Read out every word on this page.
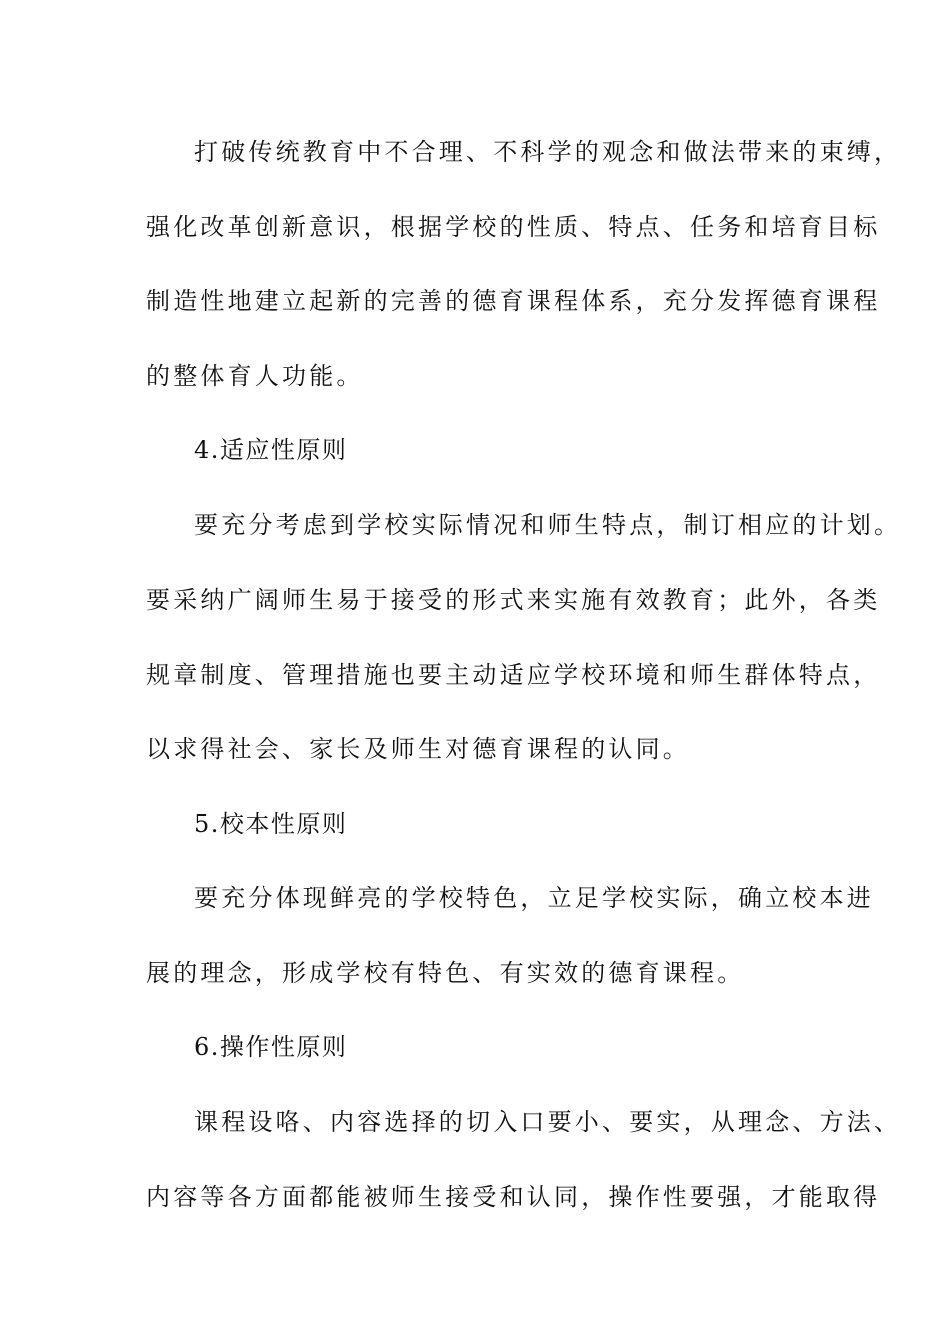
打破传统教育中不合理、不科学的观念和做法带来的束缚，

强化改革创新意识，根据学校的性质、特点、任务和培育目标

制造性地建立起新的完善的德育课程体系，充分发挥德育课程

的整体育人功能。

4.适应性原则

要充分考虑到学校实际情况和师生特点，制订相应的计划。

要采纳广阔师生易于接受的形式来实施有效教育；此外，各类

规章制度、管理措施也要主动适应学校环境和师生群体特点，

以求得社会、家长及师生对德育课程的认同。

5.校本性原则

要充分体现鲜亮的学校特色，立足学校实际，确立校本进

展的理念，形成学校有特色、有实效的德育课程。

6.操作性原则

课程设咯、内容选择的切入口要小、要实，从理念、方法、

内容等各方面都能被师生接受和认同，操作性要强，才能取得
